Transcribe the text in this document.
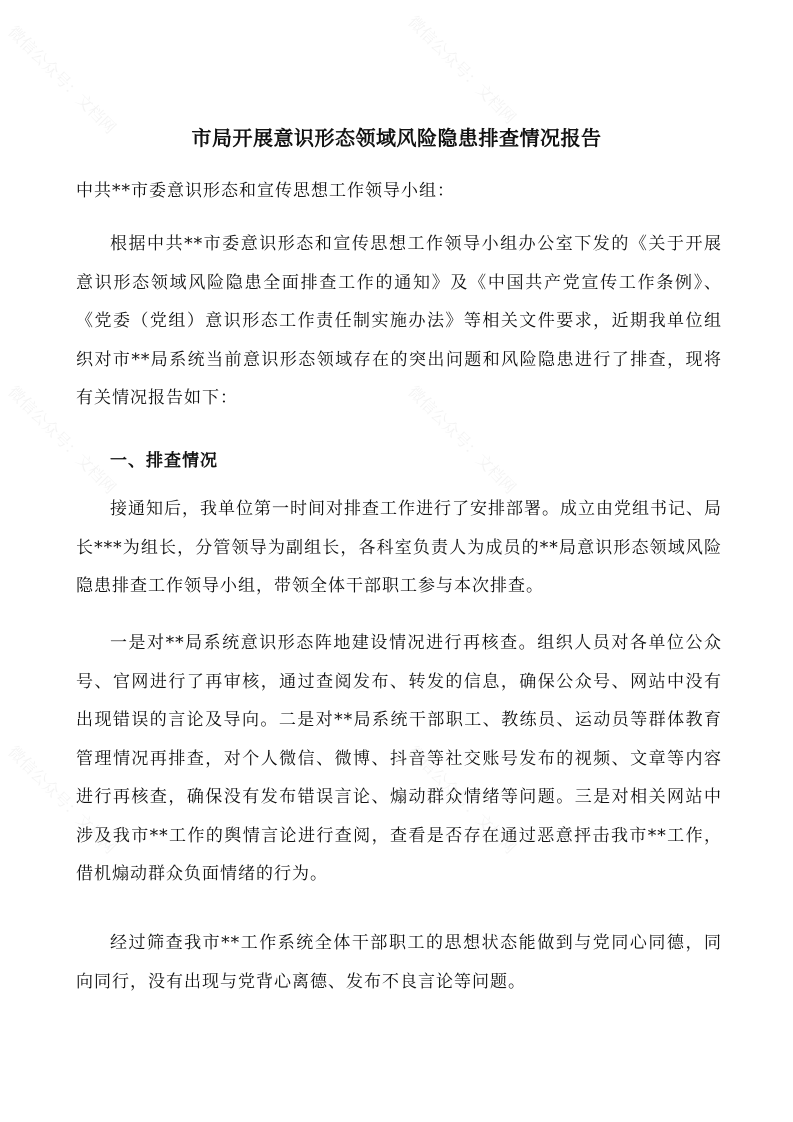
市局开展意识形态领域风险隐患排查情况报告
中共**市委意识形态和宣传思想工作领导小组：

根据中共**市委意识形态和宣传思想工作领导小组办公室下发的《关于开展意识形态领域风险隐患全面排查工作的通知》及《中国共产党宣传工作条例》、《党委（党组）意识形态工作责任制实施办法》等相关文件要求，近期我单位组织对市**局系统当前意识形态领域存在的突出问题和风险隐患进行了排查，现将有关情况报告如下：

一、排查情况

接通知后，我单位第一时间对排查工作进行了安排部署。成立由党组书记、局长***为组长，分管领导为副组长，各科室负责人为成员的**局意识形态领域风险隐患排查工作领导小组，带领全体干部职工参与本次排查。

一是对**局系统意识形态阵地建设情况进行再核查。组织人员对各单位公众号、官网进行了再审核，通过查阅发布、转发的信息，确保公众号、网站中没有出现错误的言论及导向。二是对**局系统干部职工、教练员、运动员等群体教育管理情况再排查，对个人微信、微博、抖音等社交账号发布的视频、文章等内容进行再核查，确保没有发布错误言论、煽动群众情绪等问题。三是对相关网站中涉及我市**工作的舆情言论进行查阅，查看是否存在通过恶意抨击我市**工作，借机煽动群众负面情绪的行为。

经过筛查我市**工作系统全体干部职工的思想状态能做到与党同心同德，同向同行，没有出现与党背心离德、发布不良言论等问题。

微信公众号：文档网	微信公众号：文档网
微信公众号：文档网	微信公众号：文档网
微信公众号：文档网	微信公众号：文档网
